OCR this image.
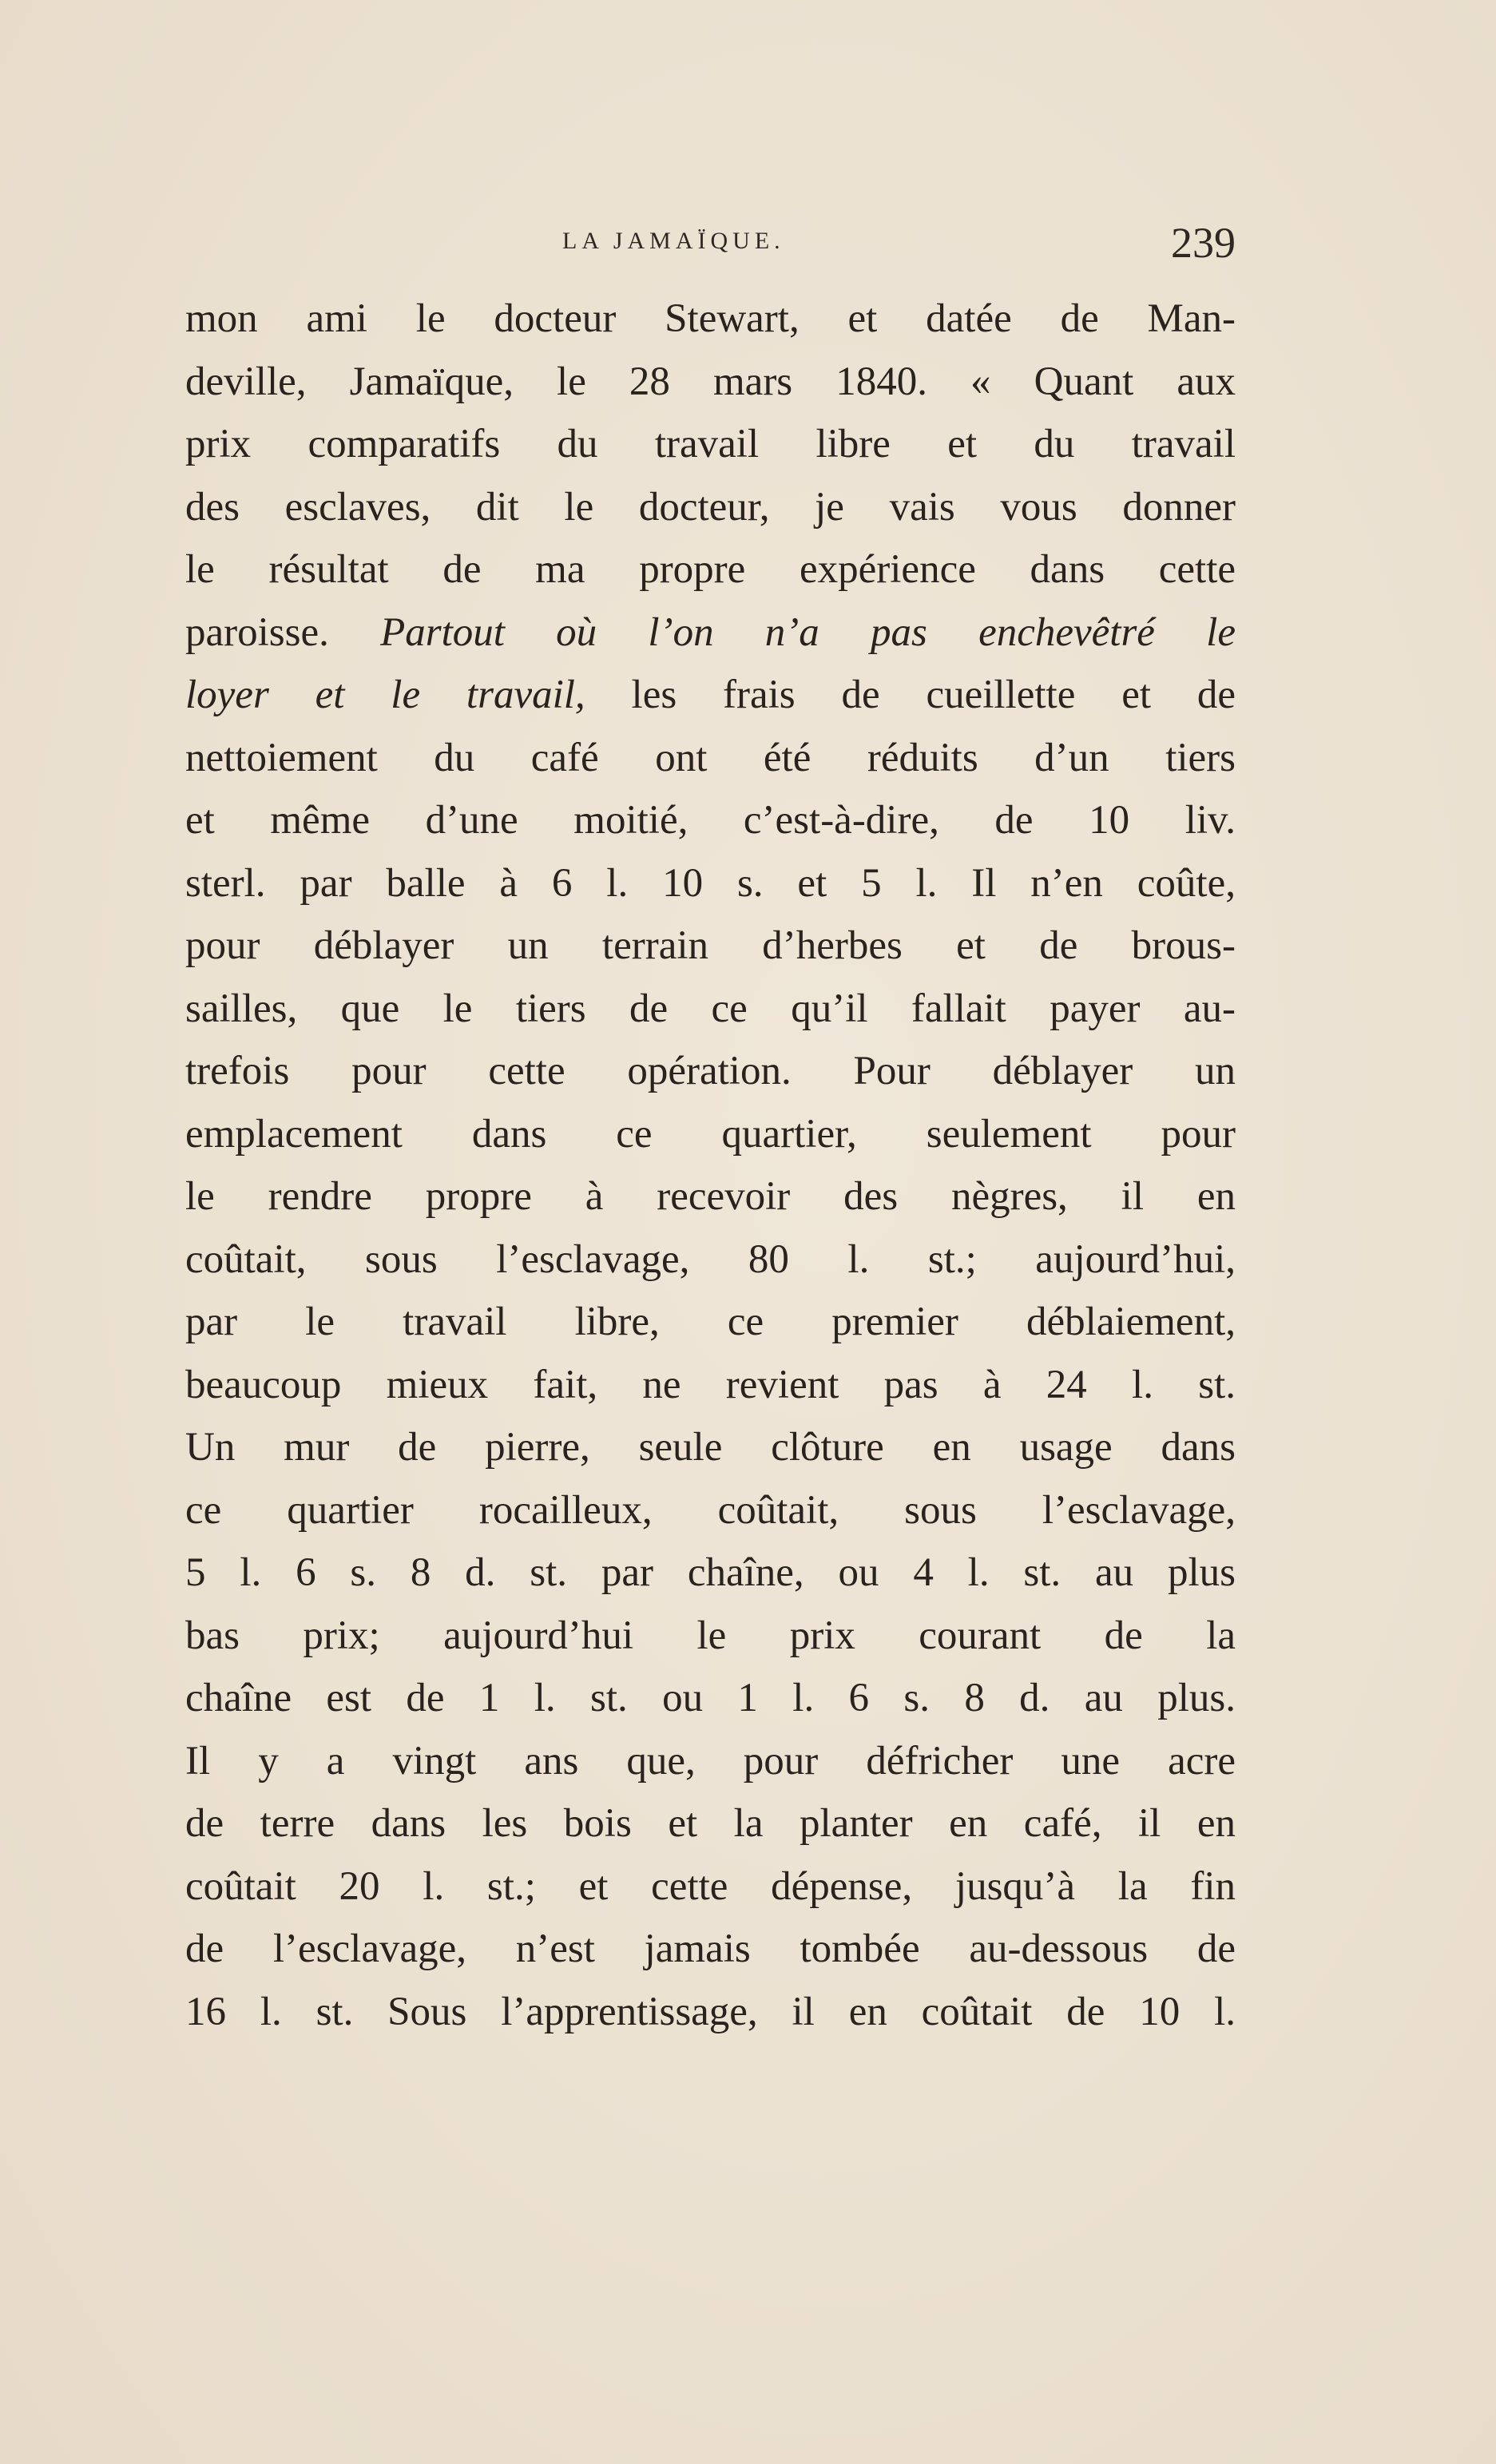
LA JAMAÏQUE.	239
mon ami le docteur Stewart, et datée de Man-
deville, Jamaïque, le 28 mars 1840. « Quant aux
prix comparatifs du travail libre et du travail
des esclaves, dit le docteur, je vais vous donner
le résultat de ma propre expérience dans cette
paroisse. Partout où l’on n’a pas enchevêtré le
loyer et le travail, les frais de cueillette et de
nettoiement du café ont été réduits d’un tiers
et même d’une moitié, c’est-à-dire, de 10 liv.
sterl. par balle à 6 l. 10 s. et 5 l. Il n’en coûte,
pour déblayer un terrain d’herbes et de brous-
sailles, que le tiers de ce qu’il fallait payer au-
trefois pour cette opération. Pour déblayer un
emplacement dans ce quartier, seulement pour
le rendre propre à recevoir des nègres, il en
coûtait, sous l’esclavage, 80 l. st.; aujourd’hui,
par le travail libre, ce premier déblaiement,
beaucoup mieux fait, ne revient pas à 24 l. st.
Un mur de pierre, seule clôture en usage dans
ce quartier rocailleux, coûtait, sous l’esclavage,
5 l. 6 s. 8 d. st. par chaîne, ou 4 l. st. au plus
bas prix; aujourd’hui le prix courant de la
chaîne est de 1 l. st. ou 1 l. 6 s. 8 d. au plus.
Il y a vingt ans que, pour défricher une acre
de terre dans les bois et la planter en café, il en
coûtait 20 l. st.; et cette dépense, jusqu’à la fin
de l’esclavage, n’est jamais tombée au-dessous de
16 l. st. Sous l’apprentissage, il en coûtait de 10 l.
